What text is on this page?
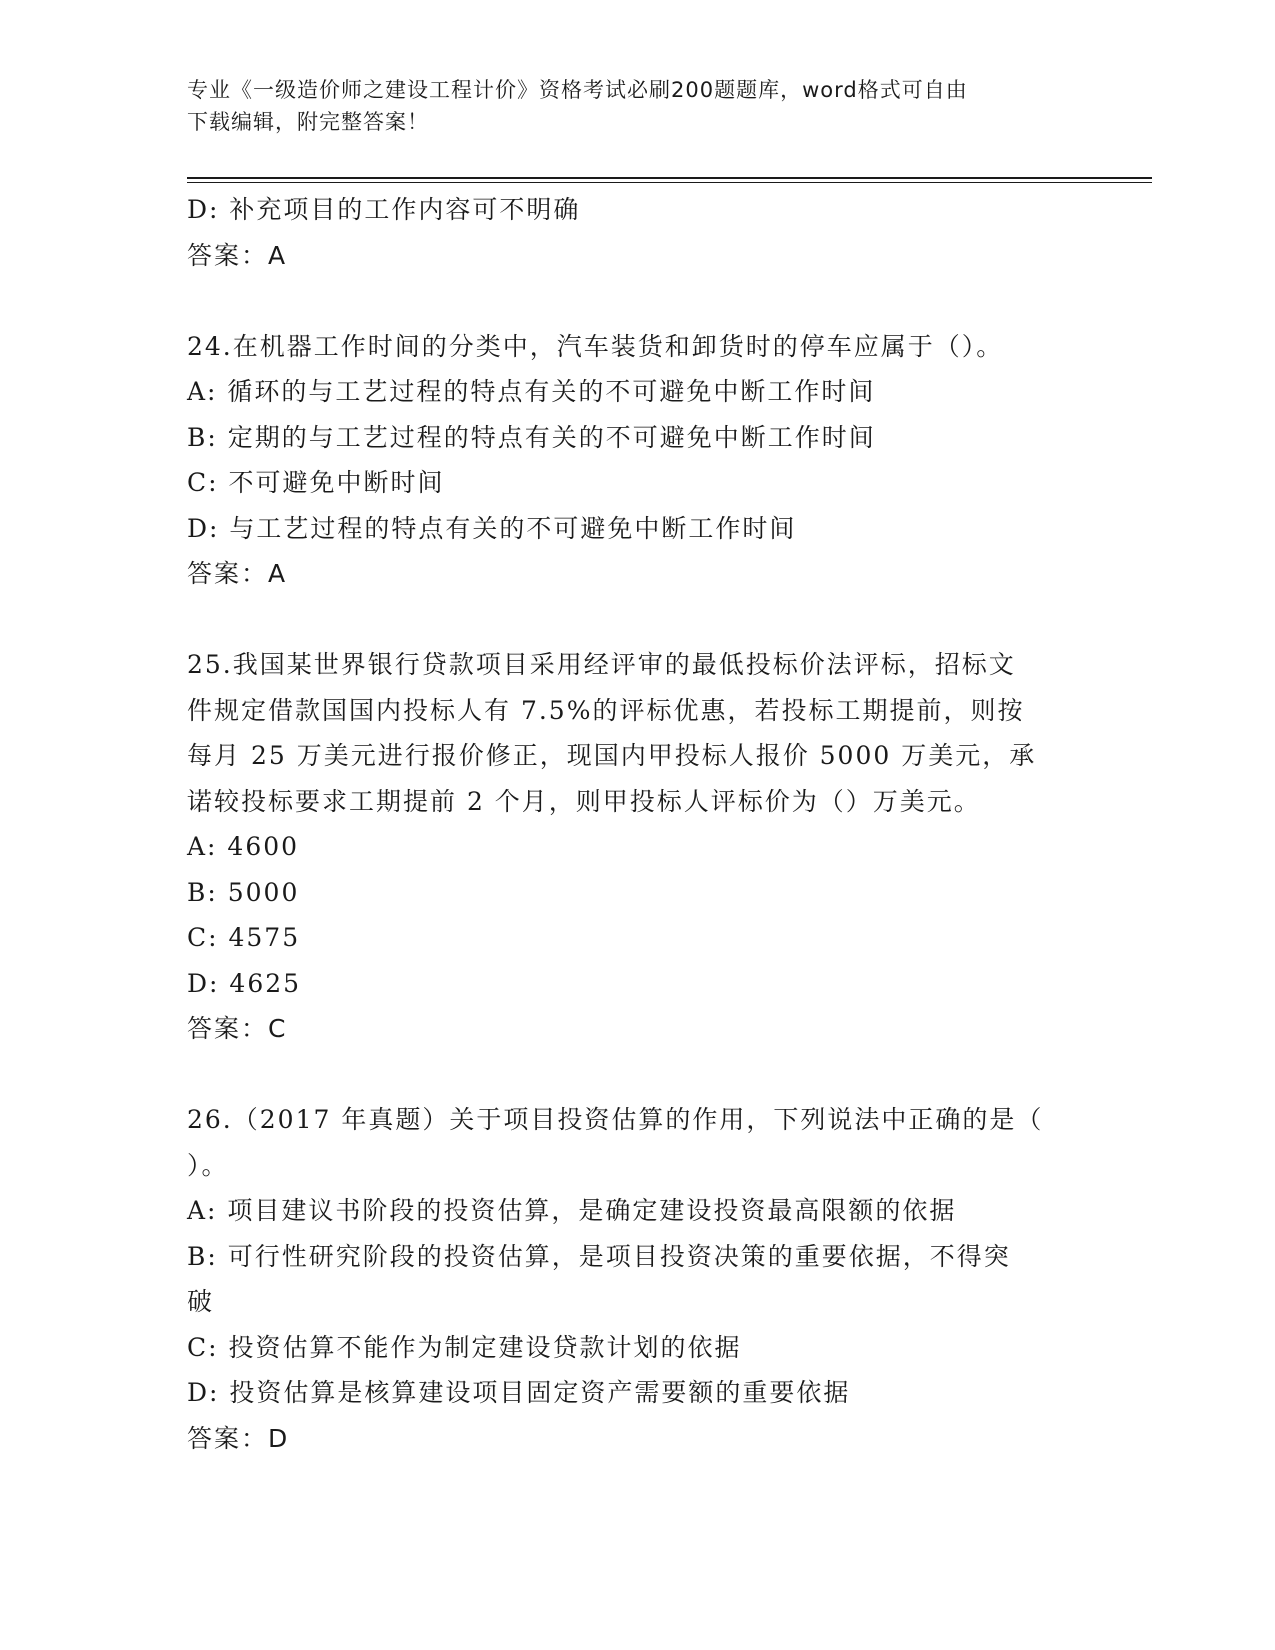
专业《一级造价师之建设工程计价》资格考试必刷200题题库，word格式可自由
下载编辑，附完整答案！

D: 补充项目的工作内容可不明确

答案：A

24.在机器工作时间的分类中，汽车装货和卸货时的停车应属于（）。

A: 循环的与工艺过程的特点有关的不可避免中断工作时间

B: 定期的与工艺过程的特点有关的不可避免中断工作时间

C: 不可避免中断时间

D: 与工艺过程的特点有关的不可避免中断工作时间

答案：A

25.我国某世界银行贷款项目采用经评审的最低投标价法评标，招标文

件规定借款国国内投标人有 7.5%的评标优惠，若投标工期提前，则按

每月 25 万美元进行报价修正，现国内甲投标人报价 5000 万美元，承

诺较投标要求工期提前 2 个月，则甲投标人评标价为（）万美元。

A: 4600

B: 5000

C: 4575

D: 4625

答案：C

26.（2017 年真题）关于项目投资估算的作用，下列说法中正确的是（

）。

A: 项目建议书阶段的投资估算，是确定建设投资最高限额的依据

B: 可行性研究阶段的投资估算，是项目投资决策的重要依据，不得突

破

C: 投资估算不能作为制定建设贷款计划的依据

D: 投资估算是核算建设项目固定资产需要额的重要依据

答案：D
